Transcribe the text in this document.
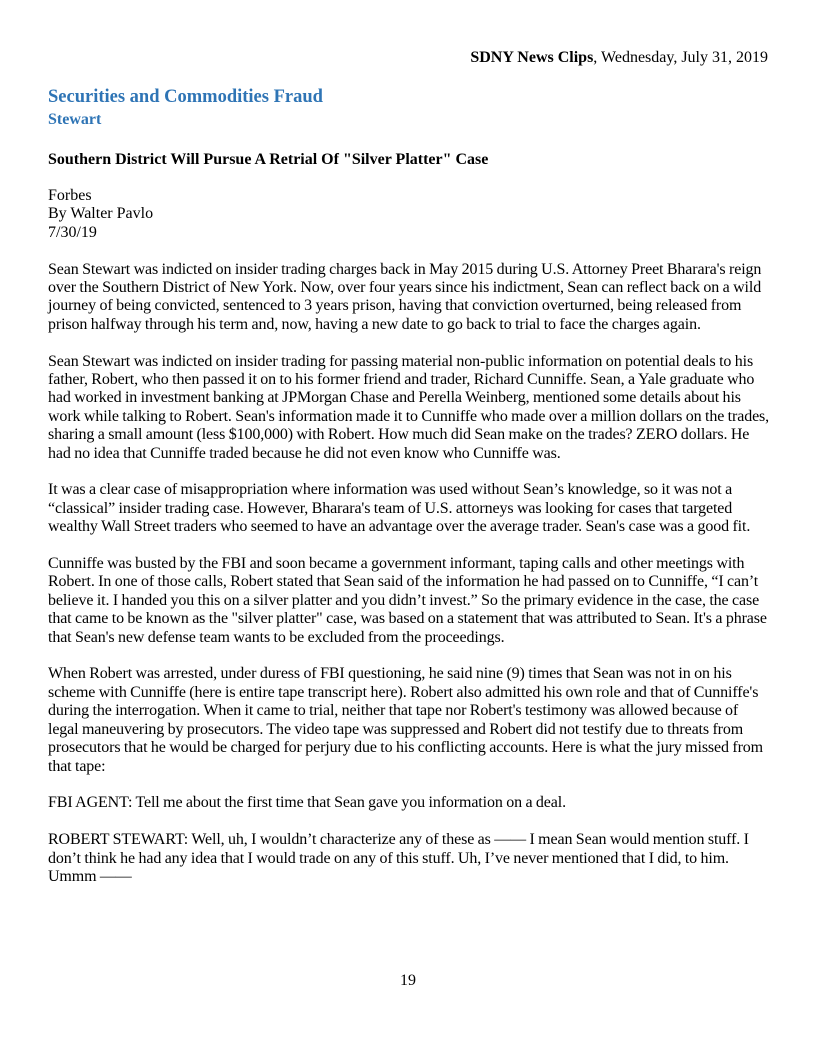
SDNY News Clips, Wednesday, July 31, 2019
Securities and Commodities Fraud
Stewart
Southern District Will Pursue A Retrial Of "Silver Platter" Case
Forbes
By Walter Pavlo
7/30/19

Sean Stewart was indicted on insider trading charges back in May 2015 during U.S. Attorney Preet Bharara's reign over the Southern District of New York. Now, over four years since his indictment, Sean can reflect back on a wild journey of being convicted, sentenced to 3 years prison, having that conviction overturned, being released from prison halfway through his term and, now, having a new date to go back to trial to face the charges again.

Sean Stewart was indicted on insider trading for passing material non-public information on potential deals to his father, Robert, who then passed it on to his former friend and trader, Richard Cunniffe. Sean, a Yale graduate who had worked in investment banking at JPMorgan Chase and Perella Weinberg, mentioned some details about his work while talking to Robert. Sean's information made it to Cunniffe who made over a million dollars on the trades, sharing a small amount (less $100,000) with Robert. How much did Sean make on the trades? ZERO dollars. He had no idea that Cunniffe traded because he did not even know who Cunniffe was.

It was a clear case of misappropriation where information was used without Sean’s knowledge, so it was not a “classical” insider trading case. However, Bharara's team of U.S. attorneys was looking for cases that targeted wealthy Wall Street traders who seemed to have an advantage over the average trader. Sean's case was a good fit.

Cunniffe was busted by the FBI and soon became a government informant, taping calls and other meetings with Robert. In one of those calls, Robert stated that Sean said of the information he had passed on to Cunniffe, “I can’t believe it. I handed you this on a silver platter and you didn’t invest.” So the primary evidence in the case, the case that came to be known as the "silver platter" case, was based on a statement that was attributed to Sean. It's a phrase that Sean's new defense team wants to be excluded from the proceedings.

When Robert was arrested, under duress of FBI questioning, he said nine (9) times that Sean was not in on his scheme with Cunniffe (here is entire tape transcript here). Robert also admitted his own role and that of Cunniffe's during the interrogation. When it came to trial, neither that tape nor Robert's testimony was allowed because of legal maneuvering by prosecutors. The video tape was suppressed and Robert did not testify due to threats from prosecutors that he would be charged for perjury due to his conflicting accounts. Here is what the jury missed from that tape:

FBI AGENT: Tell me about the first time that Sean gave you information on a deal.

ROBERT STEWART: Well, uh, I wouldn’t characterize any of these as —— I mean Sean would mention stuff. I don’t think he had any idea that I would trade on any of this stuff. Uh, I’ve never mentioned that I did, to him. Ummm ——

19
